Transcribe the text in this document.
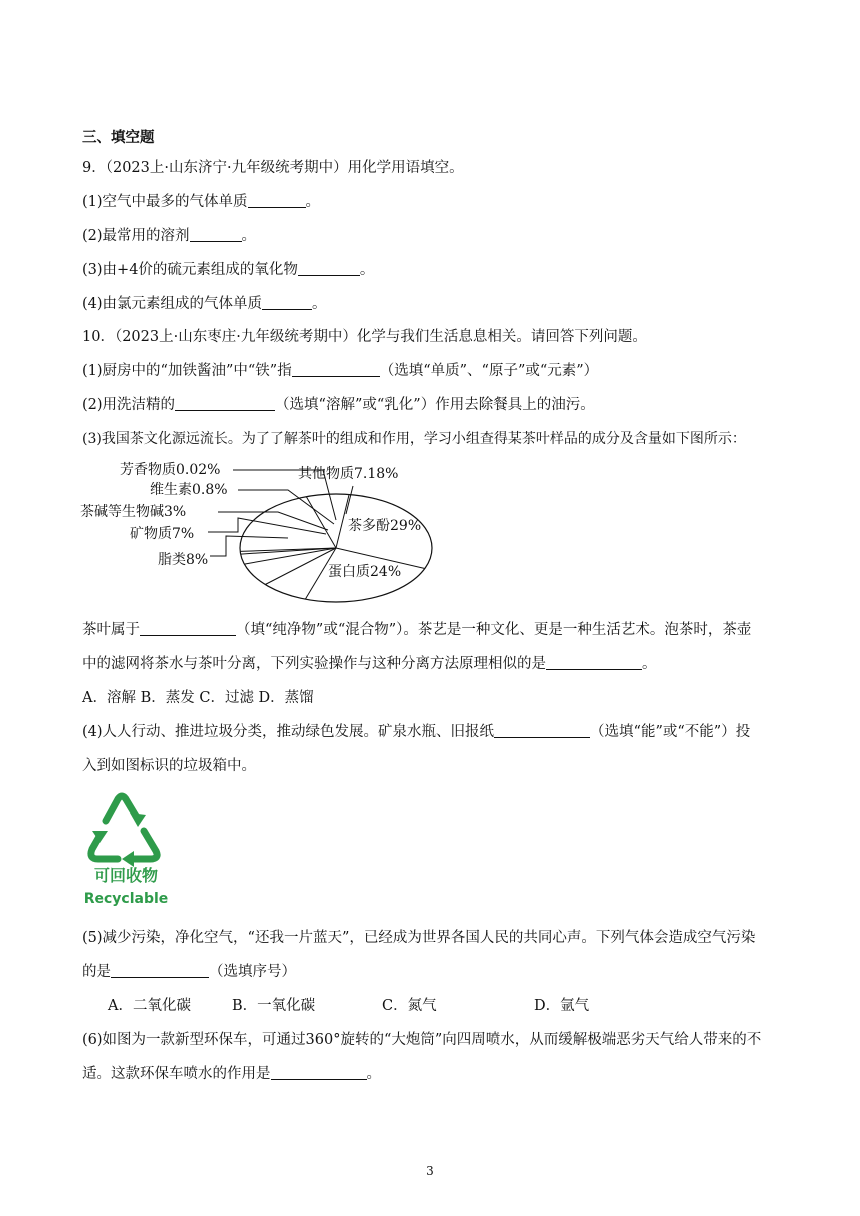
三、填空题
9．（2023上·山东济宁·九年级统考期中）用化学用语填空。
(1)空气中最多的气体单质	。
(2)最常用的溶剂	。
(3)由+4价的硫元素组成的氧化物	。
(4)由氯元素组成的气体单质	。
10．（2023上·山东枣庄·九年级统考期中）化学与我们生活息息相关。请回答下列问题。
(1)厨房中的“加铁酱油”中“铁”指	（选填“单质”、“原子”或“元素”）
(2)用洗洁精的	（选填“溶解”或“乳化”）作用去除餐具上的油污。
(3)我国茶文化源远流长。为了了解茶叶的组成和作用，学习小组查得某茶叶样品的成分及含量如下图所示：
茶多酚29%
蛋白质24%
脂类8%
矿物质7%
茶碱等生物碱3%
维生素0.8%
芳香物质0.02%	其他物质7.18%
茶叶属于	（填“纯净物”或“混合物”）。茶艺是一种文化、更是一种生活艺术。泡茶时，茶壶
中的滤网将茶水与茶叶分离，下列实验操作与这种分离方法原理相似的是	。
A．溶解 B．蒸发 C．过滤 D．蒸馏
(4)人人行动、推进垃圾分类，推动绿色发展。矿泉水瓶、旧报纸	（选填“能”或“不能”）投
入到如图标识的垃圾箱中。
可回收物
Recyclable
(5)减少污染，净化空气，“还我一片蓝天”，已经成为世界各国人民的共同心声。下列气体会造成空气污染
的是	（选填序号）
A．二氧化碳	B．一氧化碳	C．氮气	D．氩气
(6)如图为一款新型环保车，可通过360°旋转的“大炮筒”向四周喷水，从而缓解极端恶劣天气给人带来的不
适。这款环保车喷水的作用是	。
3
